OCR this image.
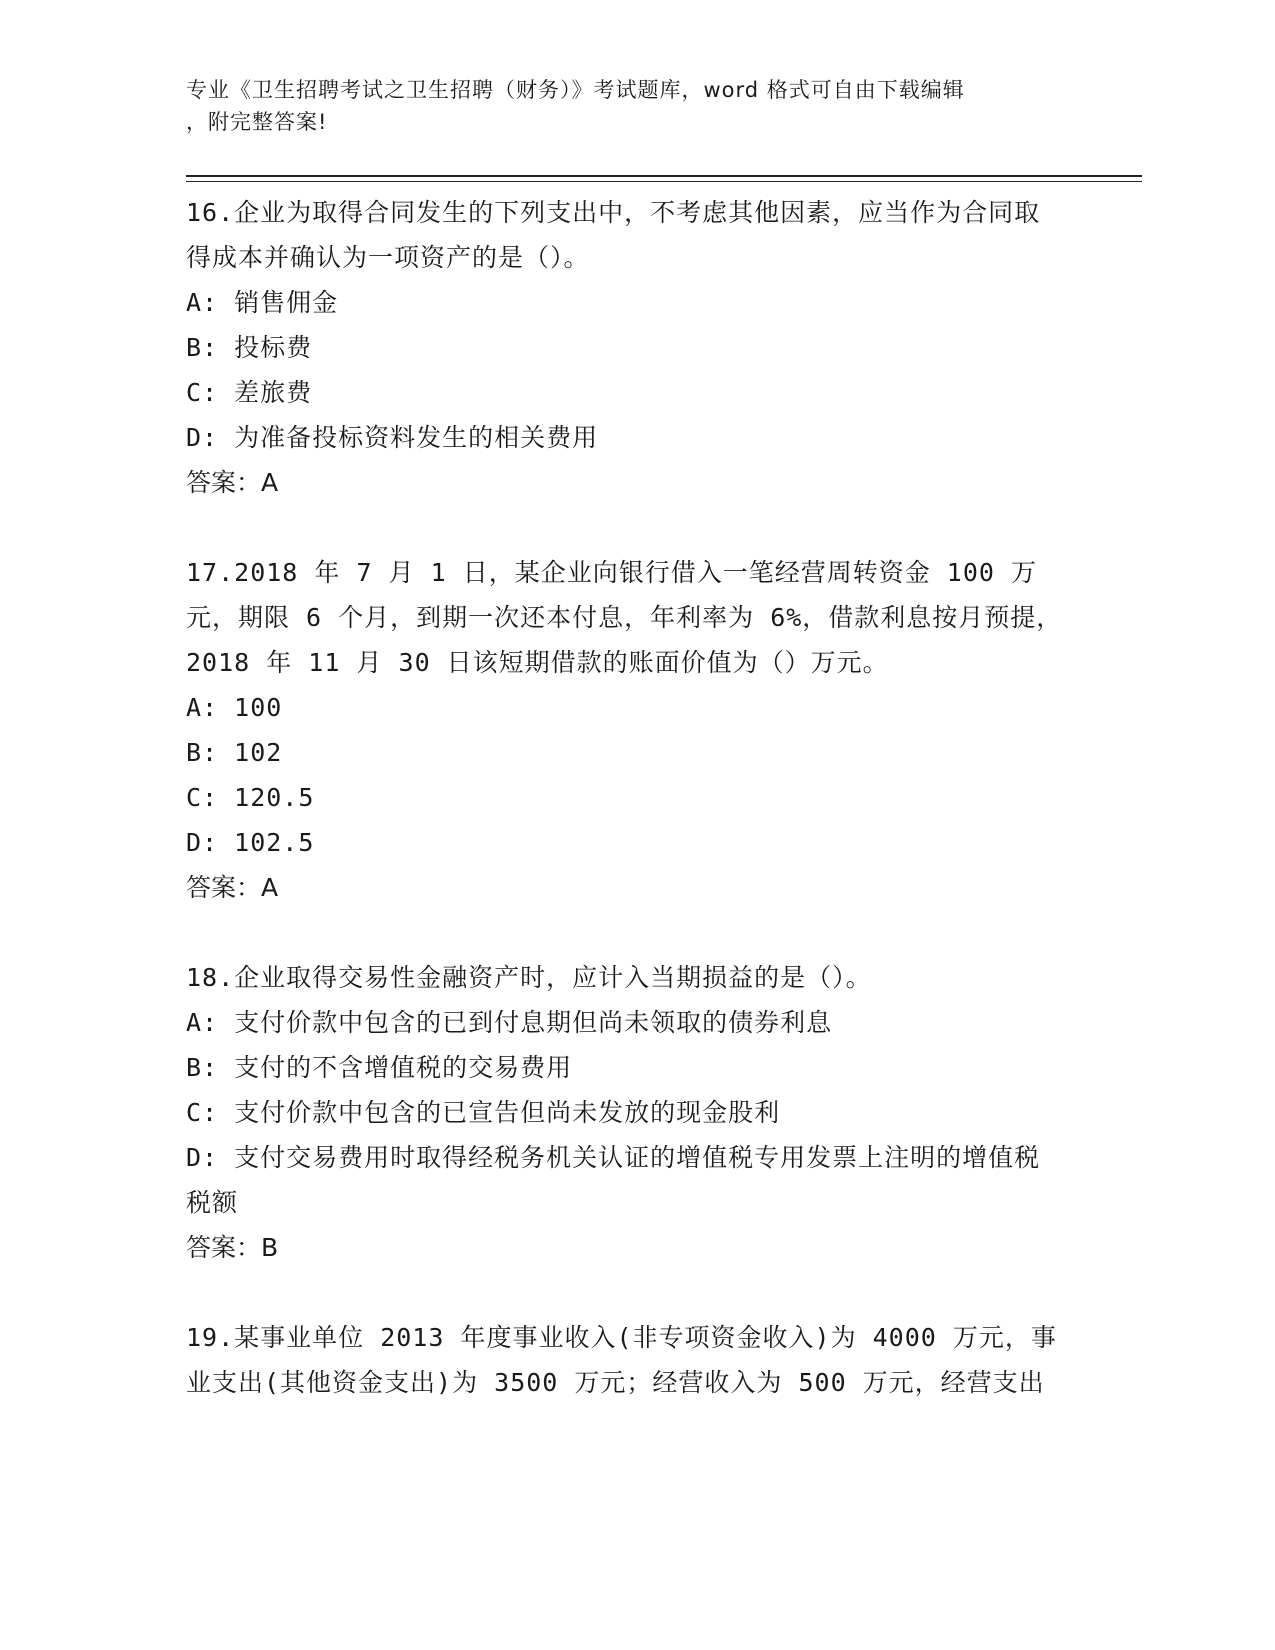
专业《卫生招聘考试之卫生招聘（财务）》考试题库，word 格式可自由下载编辑
，附完整答案!
16.企业为取得合同发生的下列支出中，不考虑其他因素，应当作为合同取得成本并确认为一项资产的是（）。
A: 销售佣金
B: 投标费
C: 差旅费
D: 为准备投标资料发生的相关费用
答案：A
17.2018 年 7 月 1 日，某企业向银行借入一笔经营周转资金 100 万元，期限 6 个月，到期一次还本付息，年利率为 6%，借款利息按月预提，2018 年 11 月 30 日该短期借款的账面价值为（）万元。
A: 100
B: 102
C: 120.5
D: 102.5
答案：A
18.企业取得交易性金融资产时，应计入当期损益的是（）。
A: 支付价款中包含的已到付息期但尚未领取的债券利息
B: 支付的不含增值税的交易费用
C: 支付价款中包含的已宣告但尚未发放的现金股利
D: 支付交易费用时取得经税务机关认证的增值税专用发票上注明的增值税税额
答案：B
19.某事业单位 2013 年度事业收入(非专项资金收入)为 4000 万元，事业支出(其他资金支出)为 3500 万元；经营收入为 500 万元，经营支出
